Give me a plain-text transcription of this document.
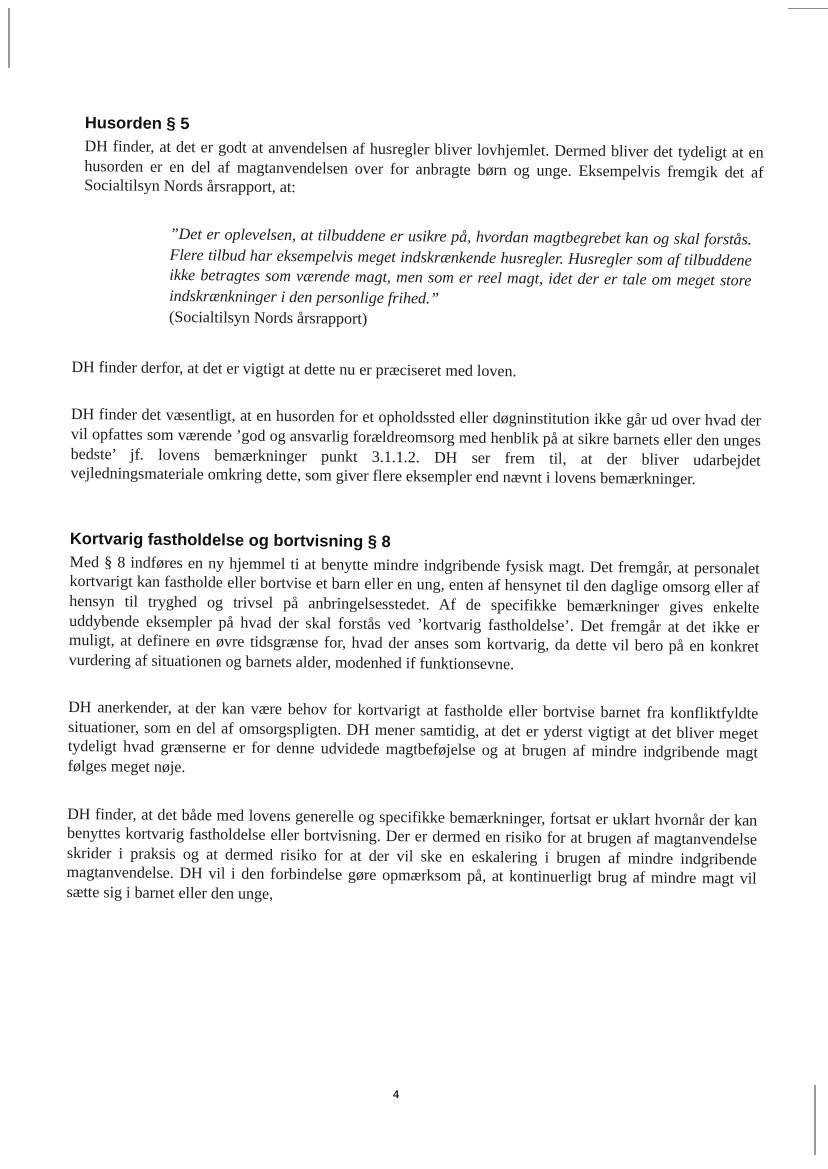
Husorden § 5

DH finder, at det er godt at anvendelsen af husregler bliver lovhjemlet. Dermed bliver det tydeligt at en husorden er en del af magtanvendelsen over for anbragte børn og unge. Eksempelvis fremgik det af Socialtilsyn Nords årsrapport, at:

”Det er oplevelsen, at tilbuddene er usikre på, hvordan magtbegrebet kan og skal forstås. Flere tilbud har eksempelvis meget indskrænkende husregler. Husregler som af tilbuddene ikke betragtes som værende magt, men som er reel magt, idet der er tale om meget store indskrænkninger i den personlige frihed.”
(Socialtilsyn Nords årsrapport)

DH finder derfor, at det er vigtigt at dette nu er præciseret med loven.

DH finder det væsentligt, at en husorden for et opholdssted eller døgninstitution ikke går ud over hvad der vil opfattes som værende ’god og ansvarlig forældreomsorg med henblik på at sikre barnets eller den unges bedste’ jf. lovens bemærkninger punkt 3.1.1.2. DH ser frem til, at der bliver udarbejdet vejledningsmateriale omkring dette, som giver flere eksempler end nævnt i lovens bemærkninger.

Kortvarig fastholdelse og bortvisning § 8

Med § 8 indføres en ny hjemmel ti at benytte mindre indgribende fysisk magt. Det fremgår, at personalet kortvarigt kan fastholde eller bortvise et barn eller en ung, enten af hensynet til den daglige omsorg eller af hensyn til tryghed og trivsel på anbringelsesstedet. Af de specifikke bemærkninger gives enkelte uddybende eksempler på hvad der skal forstås ved ’kortvarig fastholdelse’. Det fremgår at det ikke er muligt, at definere en øvre tidsgrænse for, hvad der anses som kortvarig, da dette vil bero på en konkret vurdering af situationen og barnets alder, modenhed if funktionsevne.

DH anerkender, at der kan være behov for kortvarigt at fastholde eller bortvise barnet fra konfliktfyldte situationer, som en del af omsorgspligten. DH mener samtidig, at det er yderst vigtigt at det bliver meget tydeligt hvad grænserne er for denne udvidede magtbeføjelse og at brugen af mindre indgribende magt følges meget nøje.

DH finder, at det både med lovens generelle og specifikke bemærkninger, fortsat er uklart hvornår der kan benyttes kortvarig fastholdelse eller bortvisning. Der er dermed en risiko for at brugen af magtanvendelse skrider i praksis og at dermed risiko for at der vil ske en eskalering i brugen af mindre indgribende magtanvendelse. DH vil i den forbindelse gøre opmærksom på, at kontinuerligt brug af mindre magt vil sætte sig i barnet eller den unge,

4
